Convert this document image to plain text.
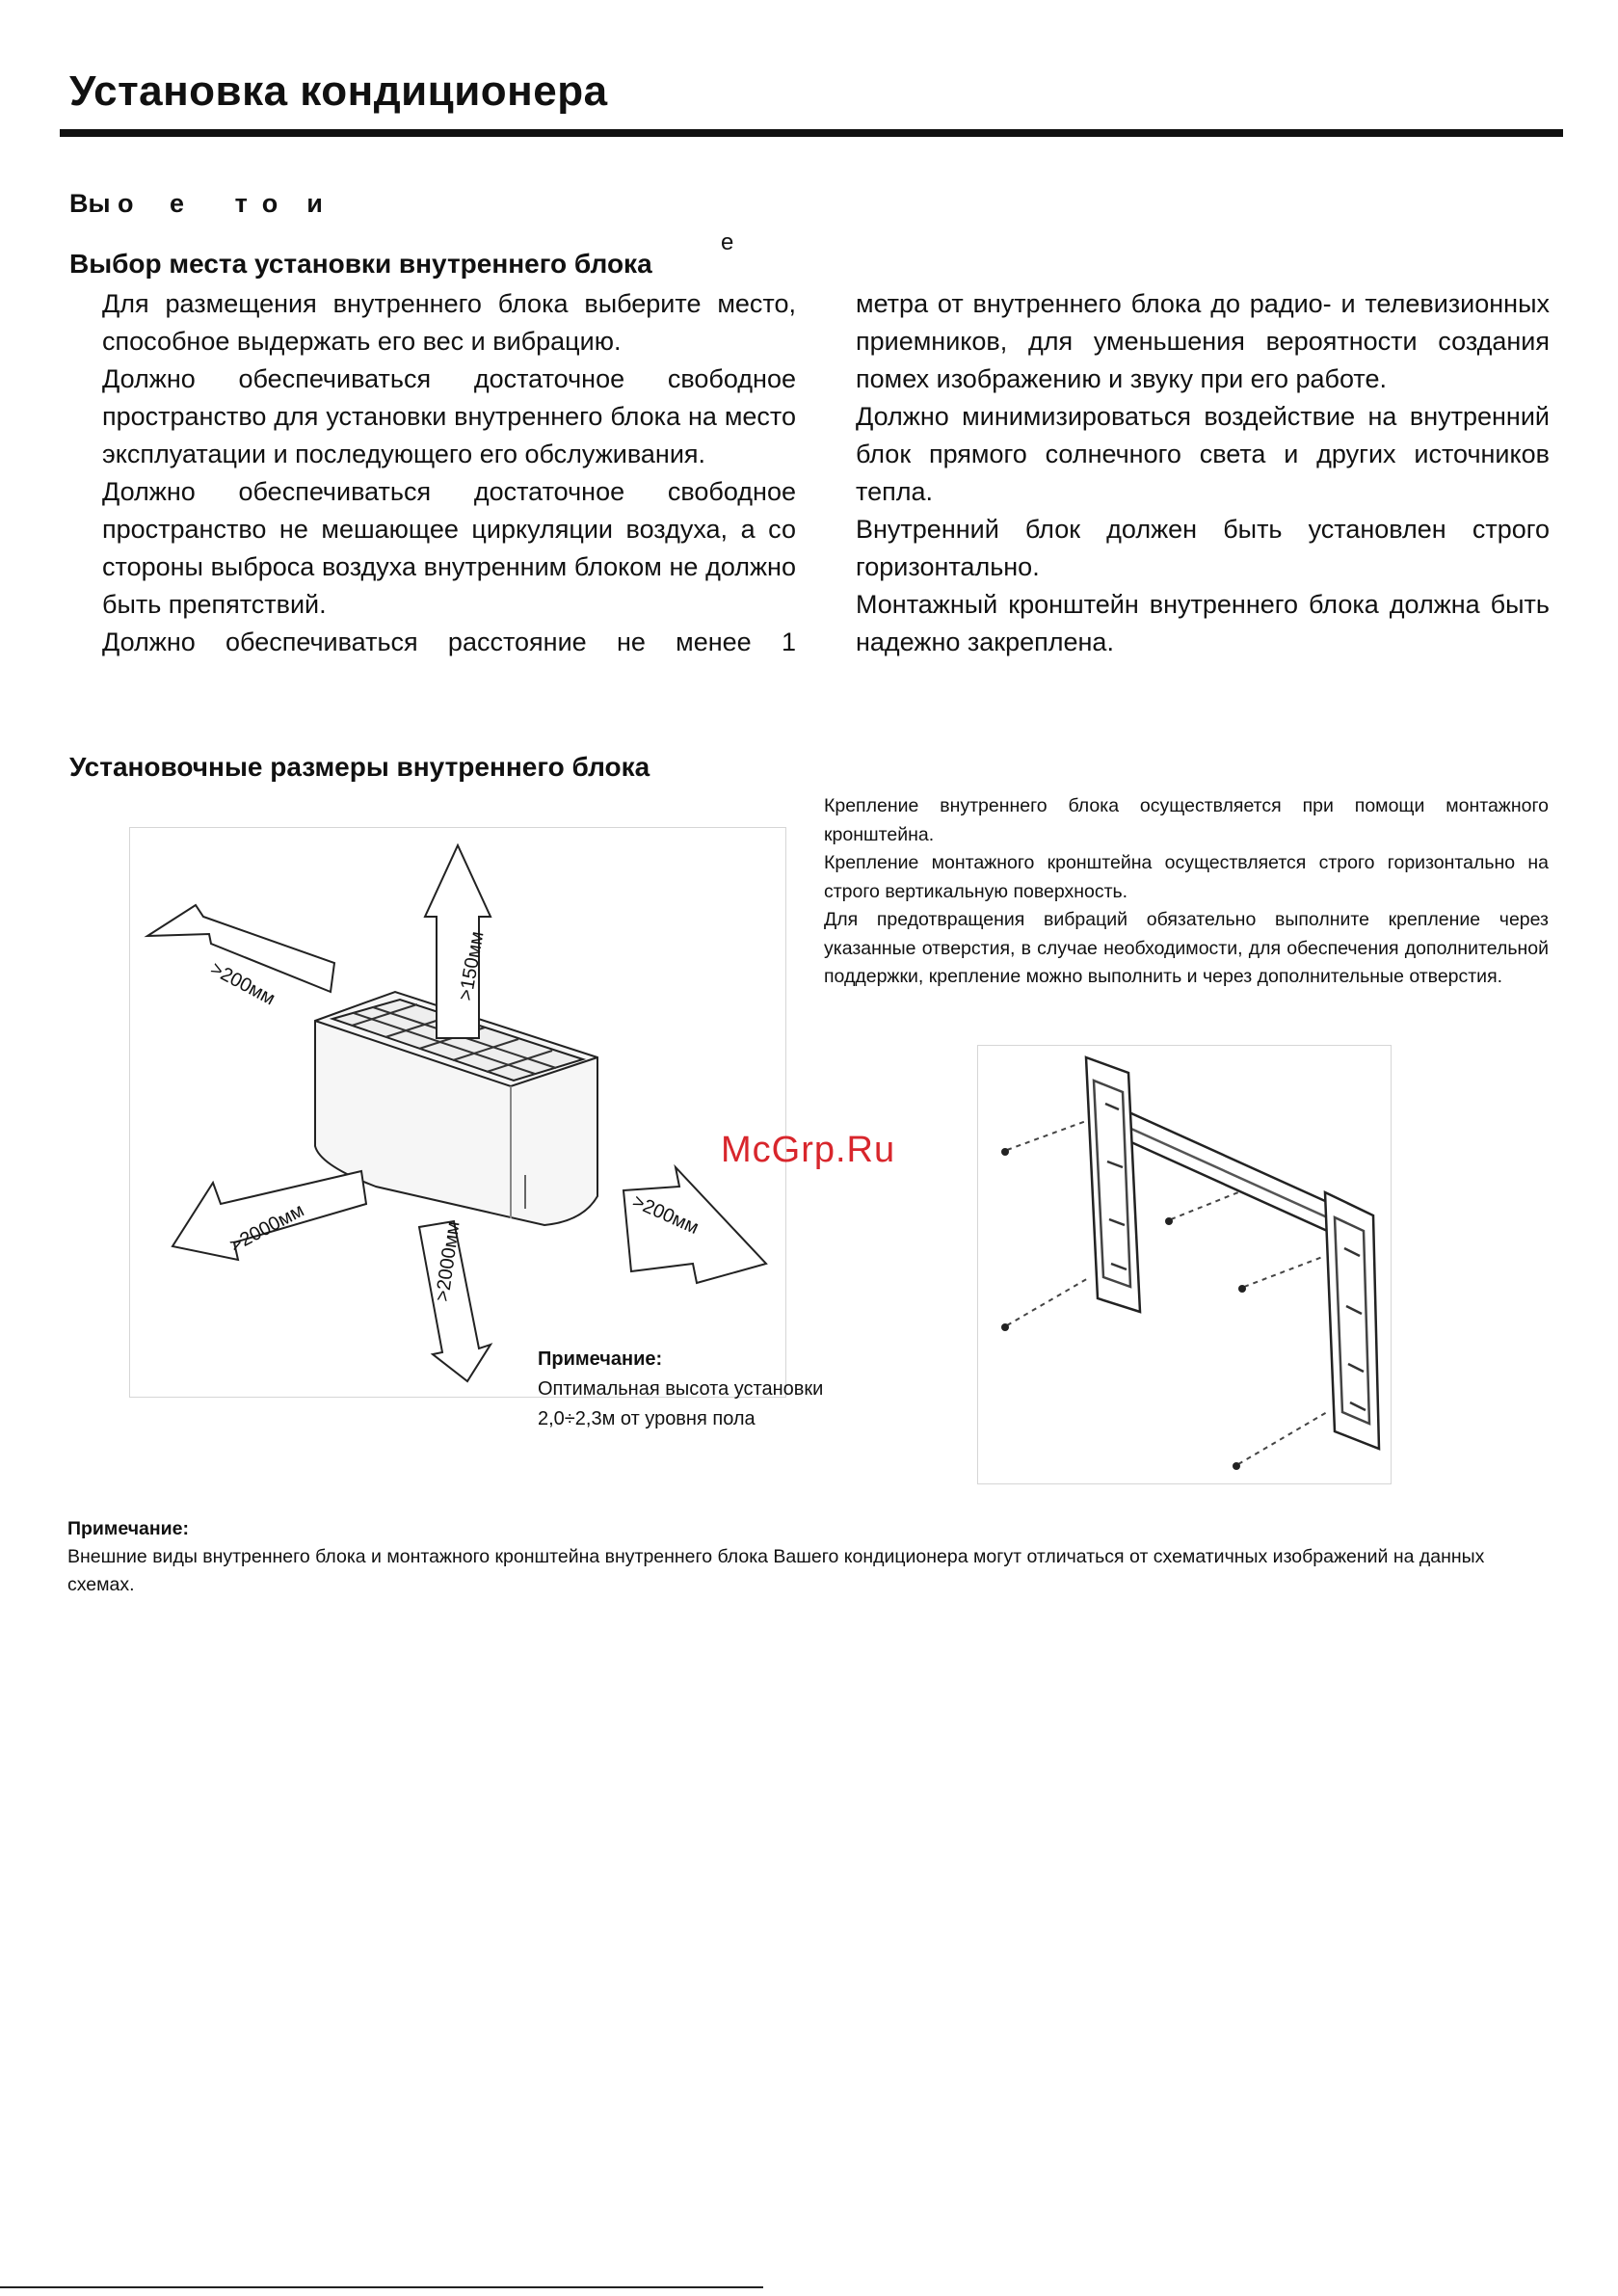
Установка кондиционера
Вы о     е       т  о    и
е
Выбор места установки внутреннего блока

Для размещения внутреннего блока выберите место, способное выдержать его вес и вибрацию.

Должно обеспечиваться достаточное свободное пространство для установки внутреннего блока на место эксплуатации и последующего его обслуживания.

Должно обеспечиваться достаточное свободное пространство не мешающее циркуляции воздуха, а со стороны выброса воздуха внутренним блоком не должно быть препятствий.

Должно обеспечиваться расстояние не менее 1

метра от внутреннего блока до радио- и телевизионных приемников, для уменьшения вероятности создания помех изображению и звуку при его работе.

Должно минимизироваться воздействие на внутренний блок прямого солнечного света и других источников тепла.

Внутренний блок должен быть установлен строго горизонтально.

Монтажный кронштейн внутреннего блока должна быть надежно закреплена.

Установочные размеры внутреннего блока

Крепление внутреннего блока осуществляется при помощи монтажного кронштейна.

Крепление монтажного кронштейна осуществляется строго горизонтально на строго вертикальную поверхность.

Для предотвращения вибраций обязательно выполните крепление через указанные отверстия, в случае необходимости, для обеспечения дополнительной поддержки, крепление можно выполнить и через дополнительные отверстия.

>200мм	>150мм
>2000мм	>2000мм
>200мм
McGrp.Ru
Примечание:
Оптимальная высота установки
2,0÷2,3м от уровня пола
Примечание:
Внешние виды внутреннего блока и монтажного кронштейна внутреннего блока Вашего кондиционера могут отличаться от схематичных изображений на данных схемах.
